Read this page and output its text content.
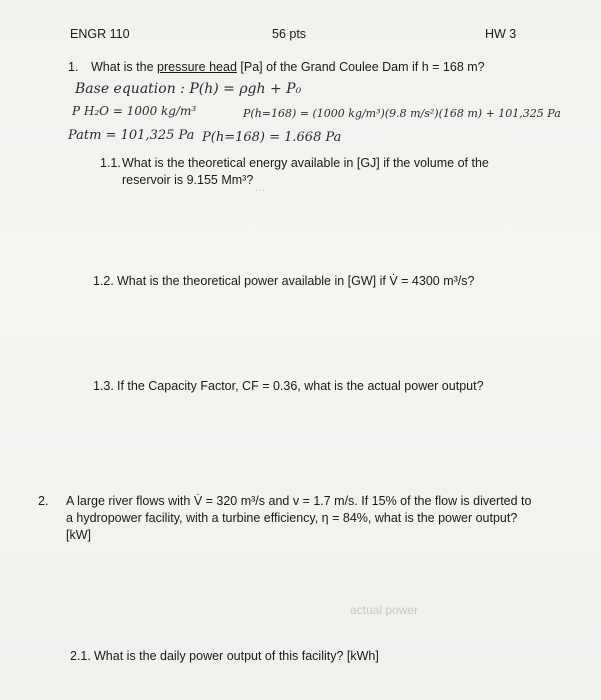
ENGR 110	56 pts	HW 3
1. What is the pressure head [Pa] of the Grand Coulee Dam if h = 168 m?
Base equation : P(h) = ρgh + P₀
P H₂O = 1000 kg/m³	P(h=168) = (1000 kg/m³)(9.8 m/s²)(168 m) + 101,325 Pa
Patm = 101,325 Pa P(h=168) = 1.668 Pa
1.1. What is the theoretical energy available in [GJ] if the volume of the reservoir is 9.155 Mm³? ...
1.2. What is the theoretical power available in [GW] if V̇ = 4300 m³/s?
1.3. If the Capacity Factor, CF = 0.36, what is the actual power output?
2. A large river flows with V̇ = 320 m³/s and v = 1.7 m/s. If 15% of the flow is diverted to a hydropower facility, with a turbine efficiency, η = 84%, what is the power output? [kW]
actual power
2.1. What is the daily power output of this facility? [kWh]
